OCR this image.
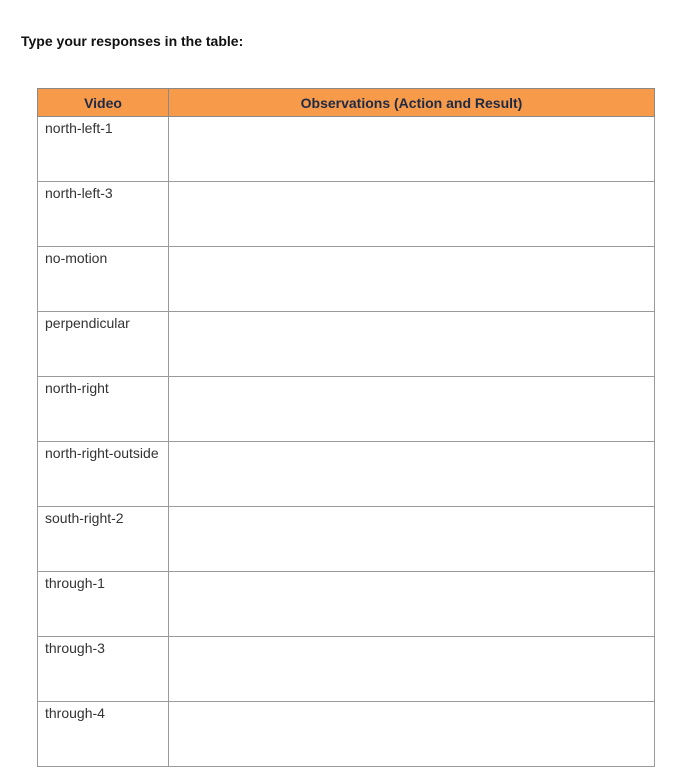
Type your responses in the table:

Video	Observations (Action and Result)
north-left-1	

north-left-3	

no-motion	

perpendicular	

north-right	

north-right-outside	

south-right-2	

through-1	

through-3	

through-4	
